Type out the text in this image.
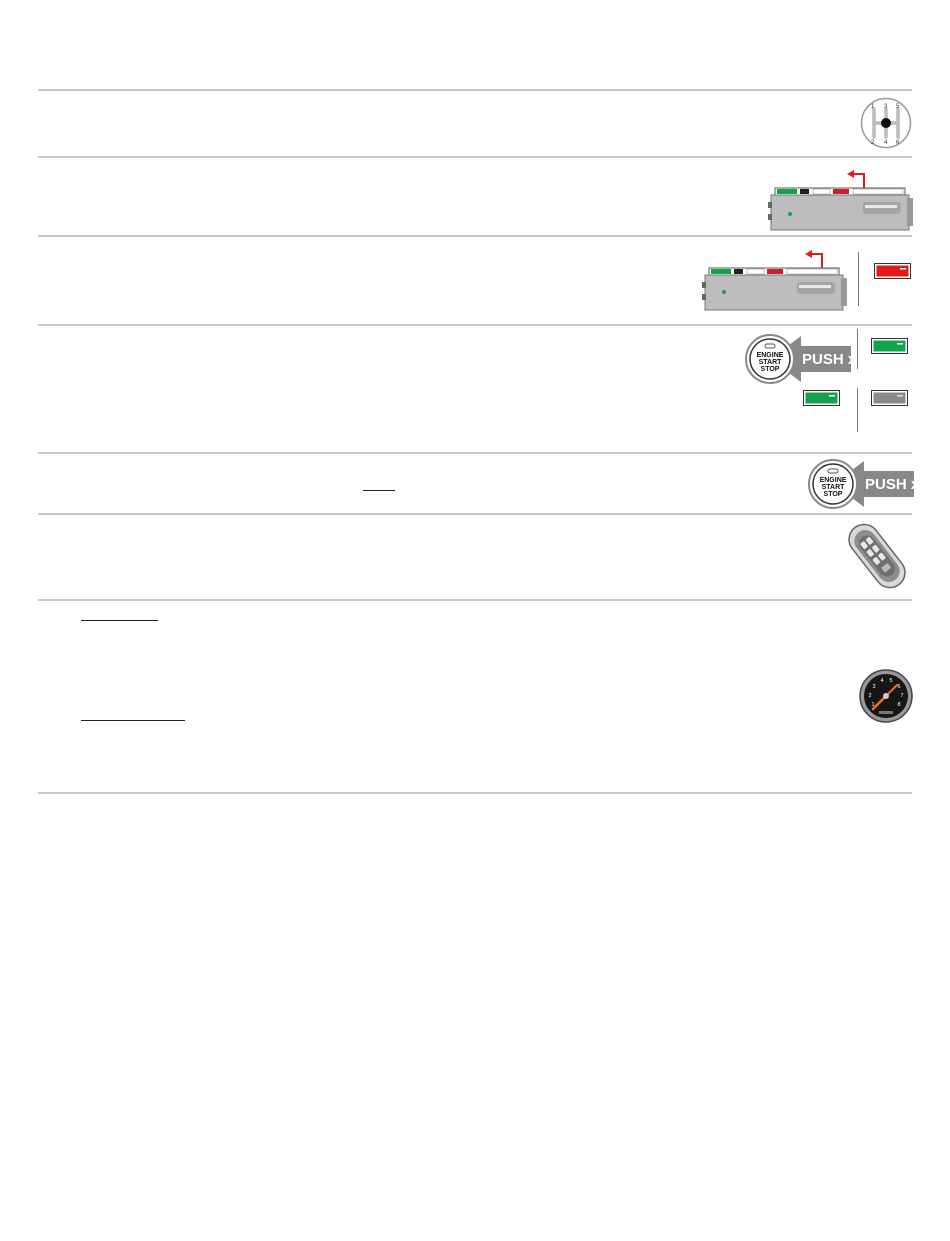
1 3 5
2 4 6
PUSH x2
ENGINE
START
STOP
PUSH x1
ENGINE
START
STOP
1
2
3
4 5
6
7
8
